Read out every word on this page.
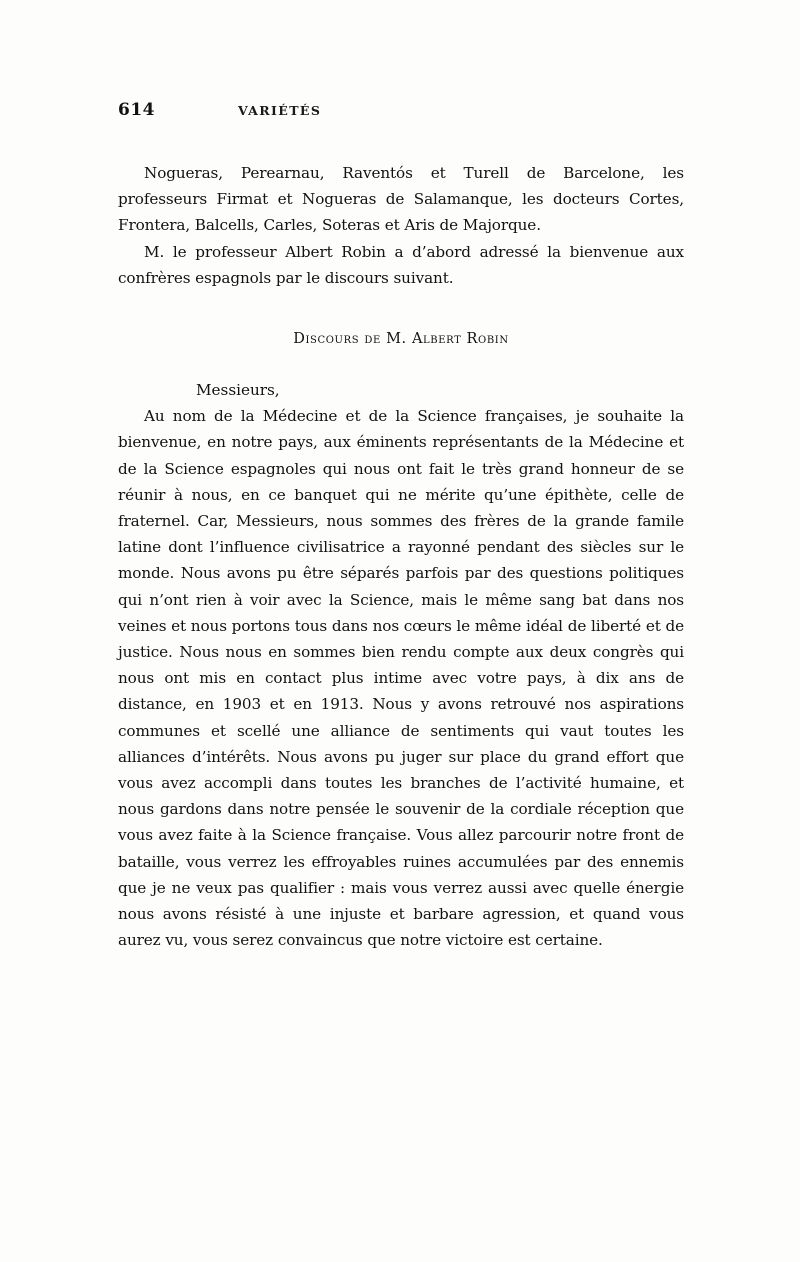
614	VARIÉTÉS

Nogueras, Perearnau, Raventós et Turell de Barcelone, les professeurs Firmat et Nogueras de Salamanque, les docteurs Cortes, Frontera, Balcells, Carles, Soteras et Aris de Majorque.

M. le professeur Albert Robin a d’abord adressé la bienvenue aux confrères espagnols par le discours suivant.

Discours de M. Albert Robin

Messieurs,

Au nom de la Médecine et de la Science françaises, je souhaite la bienvenue, en notre pays, aux éminents représentants de la Médecine et de la Science espagnoles qui nous ont fait le très grand honneur de se réunir à nous, en ce banquet qui ne mérite qu’une épithète, celle de fraternel. Car, Messieurs, nous sommes des frères de la grande famile latine dont l’influence civilisatrice a rayonné pendant des siècles sur le monde. Nous avons pu être séparés parfois par des questions politiques qui n’ont rien à voir avec la Science, mais le même sang bat dans nos veines et nous portons tous dans nos cœurs le même idéal de liberté et de justice. Nous nous en sommes bien rendu compte aux deux congrès qui nous ont mis en contact plus intime avec votre pays, à dix ans de distance, en 1903 et en 1913. Nous y avons retrouvé nos aspirations communes et scellé une alliance de sentiments qui vaut toutes les alliances d’intérêts. Nous avons pu juger sur place du grand effort que vous avez accompli dans toutes les branches de l’activité humaine, et nous gardons dans notre pensée le souvenir de la cordiale réception que vous avez faite à la Science française. Vous allez parcourir notre front de bataille, vous verrez les effroyables ruines accumulées par des ennemis que je ne veux pas qualifier : mais vous verrez aussi avec quelle énergie nous avons résisté à une injuste et barbare agression, et quand vous aurez vu, vous serez convaincus que notre victoire est certaine.
